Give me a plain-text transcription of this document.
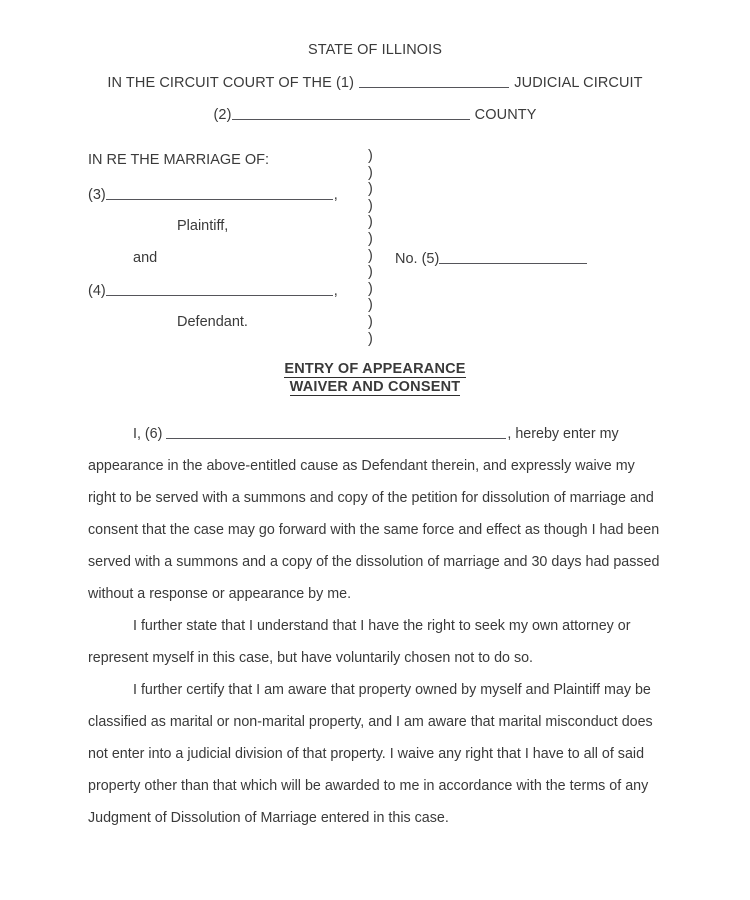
STATE OF ILLINOIS
IN THE CIRCUIT COURT OF THE (1)	JUDICIAL CIRCUIT
(2)	COUNTY
IN RE THE MARRIAGE OF:
(3)	,
Plaintiff,
and
(4)	,
Defendant.
)
)
)
)
)
)
)
)
)
)
)
)
No. (5)
ENTRY OF APPEARANCE
WAIVER AND CONSENT

I, (6)	, hereby enter my appearance in the above-entitled cause as Defendant therein, and expressly waive my right to be served with a summons and copy of the petition for dissolution of marriage and consent that the case may go forward with the same force and effect as though I had been served with a summons and a copy of the dissolution of marriage and 30 days had passed without a response or appearance by me.

I further state that I understand that I have the right to seek my own attorney or represent myself in this case, but have voluntarily chosen not to do so.

I further certify that I am aware that property owned by myself and Plaintiff may be classified as marital or non-marital property, and I am aware that marital misconduct does not enter into a judicial division of that property. I waive any right that I have to all of said property other than that which will be awarded to me in accordance with the terms of any Judgment of Dissolution of Marriage entered in this case.
